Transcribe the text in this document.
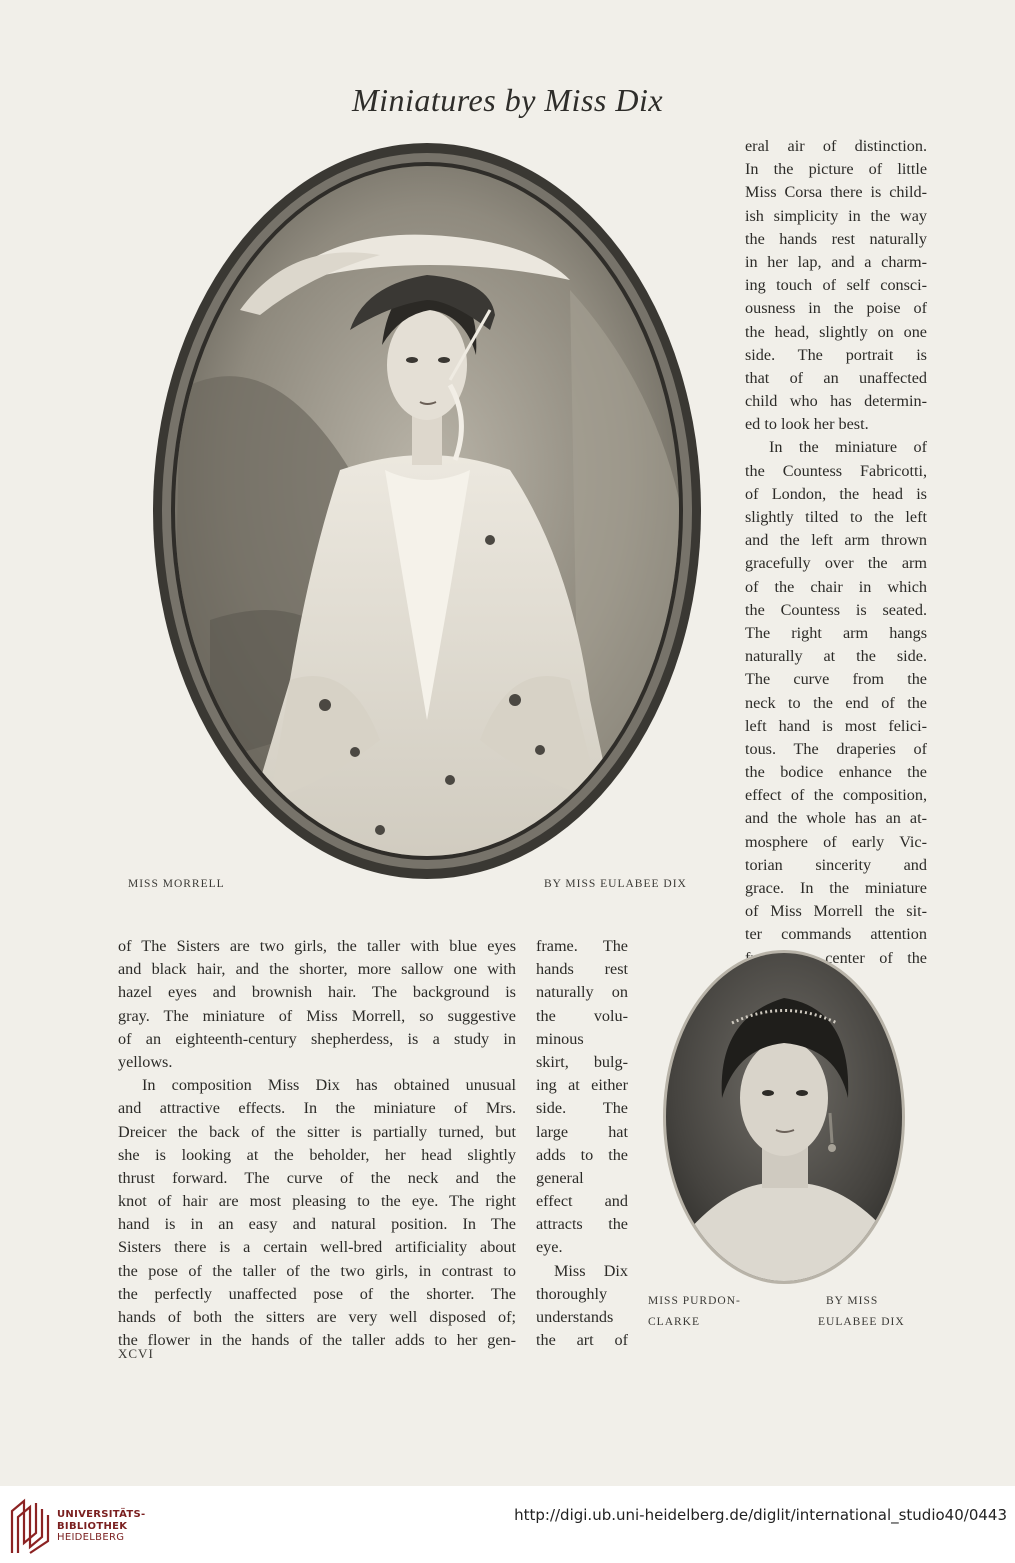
Miniatures by Miss Dix
MISS MORRELL	BY MISS EULABEE DIX
eral air of distinction.
In the picture of little
Miss Corsa there is child-
ish simplicity in the way
the hands rest naturally
in her lap, and a charm-
ing touch of self consci-
ousness in the poise of
the head, slightly on one
side. The portrait is
that of an unaffected
child who has determin-
ed to look her best.
In the miniature of
the Countess Fabricotti,
of London, the head is
slightly tilted to the left
and the left arm thrown
gracefully over the arm
of the chair in which
the Countess is seated.
The right arm hangs
naturally at the side.
The curve from the
neck to the end of the
left hand is most felici-
tous. The draperies of
the bodice enhance the
effect of the composition,
and the whole has an at-
mosphere of early Vic-
torian sincerity and
grace. In the miniature
of Miss Morrell the sit-
ter commands attention
from the center of the
of The Sisters are two girls, the taller with blue eyes
and black hair, and the shorter, more sallow one with
hazel eyes and brownish hair. The background is
gray. The miniature of Miss Morrell, so suggestive
of an eighteenth-century shepherdess, is a study in
yellows.
In composition Miss Dix has obtained unusual
and attractive effects. In the miniature of Mrs.
Dreicer the back of the sitter is partially turned, but
she is looking at the beholder, her head slightly
thrust forward. The curve of the neck and the
knot of hair are most pleasing to the eye. The right
hand is in an easy and natural position. In The
Sisters there is a certain well-bred artificiality about
the pose of the taller of the two girls, in contrast to
the perfectly unaffected pose of the shorter. The
hands of both the sitters are very well disposed of;
the flower in the hands of the taller adds to her gen-
frame. The
hands rest
naturally on
the volu-
minous
skirt, bulg-
ing at either
side. The
large hat
adds to the
general
effect and
attracts the
eye.
Miss Dix
thoroughly
understands
the art of
MISS PURDON-
CLARKE
BY MISS
EULABEE DIX
XCVI
UNIVERSITÄTS-
BIBLIOTHEK
HEIDELBERG
http://digi.ub.uni-heidelberg.de/diglit/international_studio40/0443
